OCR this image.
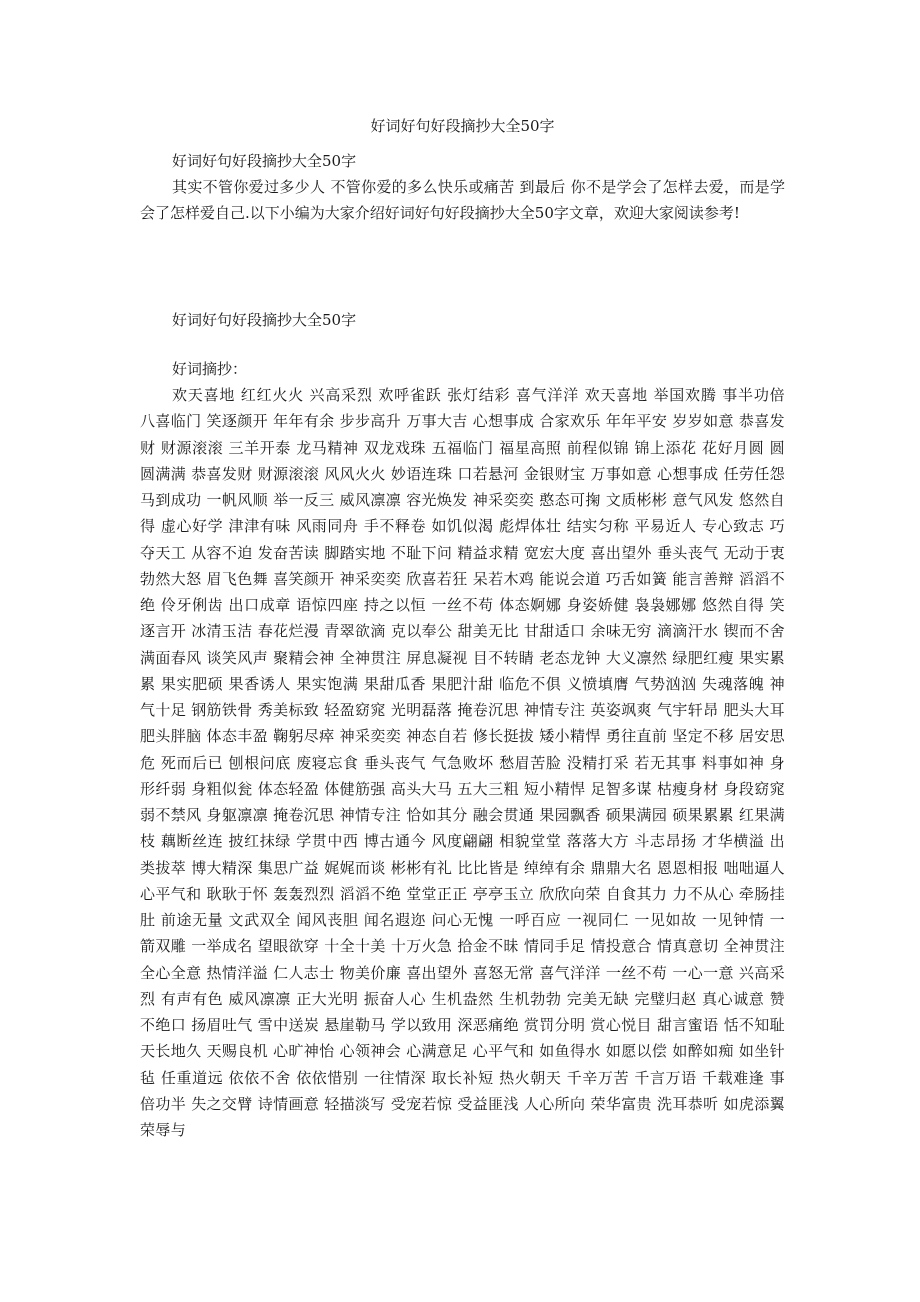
好词好句好段摘抄大全50字

好词好句好段摘抄大全50字

其实不管你爱过多少人 不管你爱的多么快乐或痛苦 到最后 你不是学会了怎样去爱，而是学会了怎样爱自己.以下小编为大家介绍好词好句好段摘抄大全50字文章，欢迎大家阅读参考!

好词好句好段摘抄大全50字

好词摘抄：

欢天喜地 红红火火 兴高采烈 欢呼雀跃 张灯结彩 喜气洋洋 欢天喜地 举国欢腾 事半功倍 八喜临门 笑逐颜开 年年有余 步步高升 万事大吉 心想事成 合家欢乐 年年平安 岁岁如意 恭喜发财 财源滚滚 三羊开泰 龙马精神 双龙戏珠 五福临门 福星高照 前程似锦 锦上添花 花好月圆 圆圆满满 恭喜发财 财源滚滚 风风火火 妙语连珠 口若悬河 金银财宝 万事如意 心想事成 任劳任怨 马到成功 一帆风顺 举一反三 威风凛凛 容光焕发 神采奕奕 憨态可掬 文质彬彬 意气风发 悠然自得 虚心好学 津津有味 风雨同舟 手不释卷 如饥似渴 彪焊体壮 结实匀称 平易近人 专心致志 巧夺天工 从容不迫 发奋苦读 脚踏实地 不耻下问 精益求精 宽宏大度 喜出望外 垂头丧气 无动于衷 勃然大怒 眉飞色舞 喜笑颜开 神采奕奕 欣喜若狂 呆若木鸡 能说会道 巧舌如簧 能言善辩 滔滔不绝 伶牙俐齿 出口成章 语惊四座 持之以恒 一丝不苟 体态婀娜 身姿娇健 袅袅娜娜 悠然自得 笑逐言开 冰清玉洁 春花烂漫 青翠欲滴 克以奉公 甜美无比 甘甜适口 余味无穷 滴滴汗水 锲而不舍 满面春风 谈笑风声 聚精会神 全神贯注 屏息凝视 目不转睛 老态龙钟 大义凛然 绿肥红瘦 果实累累 果实肥硕 果香诱人 果实饱满 果甜瓜香 果肥汁甜 临危不俱 义愤填膺 气势汹汹 失魂落魄 神气十足 钢筋铁骨 秀美标致 轻盈窈窕 光明磊落 掩卷沉思 神情专注 英姿飒爽 气宇轩昂 肥头大耳 肥头胖脑 体态丰盈 鞠躬尽瘁 神采奕奕 神态自若 修长挺拔 矮小精悍 勇往直前 坚定不移 居安思危 死而后已 刨根问底 废寝忘食 垂头丧气 气急败坏 愁眉苦脸 没精打采 若无其事 料事如神 身形纤弱 身粗似瓮 体态轻盈 体健筋强 高头大马 五大三粗 短小精悍 足智多谋 枯瘦身材 身段窈窕 弱不禁风 身躯凛凛 掩卷沉思 神情专注 恰如其分 融会贯通 果园飘香 硕果满园 硕果累累 红果满枝 藕断丝连 披红抹绿 学贯中西 博古通今 风度翩翩 相貌堂堂 落落大方 斗志昂扬 才华横溢 出类拔萃 博大精深 集思广益 娓娓而谈 彬彬有礼 比比皆是 绰绰有余 鼎鼎大名 恩恩相报 咄咄逼人 心平气和 耿耿于怀 轰轰烈烈 滔滔不绝 堂堂正正 亭亭玉立 欣欣向荣 自食其力 力不从心 牵肠挂肚 前途无量 文武双全 闻风丧胆 闻名遐迩 问心无愧 一呼百应 一视同仁 一见如故 一见钟情 一箭双雕 一举成名 望眼欲穿 十全十美 十万火急 拾金不昧 情同手足 情投意合 情真意切 全神贯注 全心全意 热情洋溢 仁人志士 物美价廉 喜出望外 喜怒无常 喜气洋洋 一丝不苟 一心一意 兴高采烈 有声有色 威风凛凛 正大光明 振奋人心 生机盎然 生机勃勃 完美无缺 完璧归赵 真心诚意 赞不绝口 扬眉吐气 雪中送炭 悬崖勒马 学以致用 深恶痛绝 赏罚分明 赏心悦目 甜言蜜语 恬不知耻 天长地久 天赐良机 心旷神怡 心领神会 心满意足 心平气和 如鱼得水 如愿以偿 如醉如痴 如坐针毡 任重道远 依依不舍 依依惜别 一往情深 取长补短 热火朝天 千辛万苦 千言万语 千载难逢 事倍功半 失之交臂 诗情画意 轻描淡写 受宠若惊 受益匪浅 人心所向 荣华富贵 洗耳恭听 如虎添翼 荣辱与
